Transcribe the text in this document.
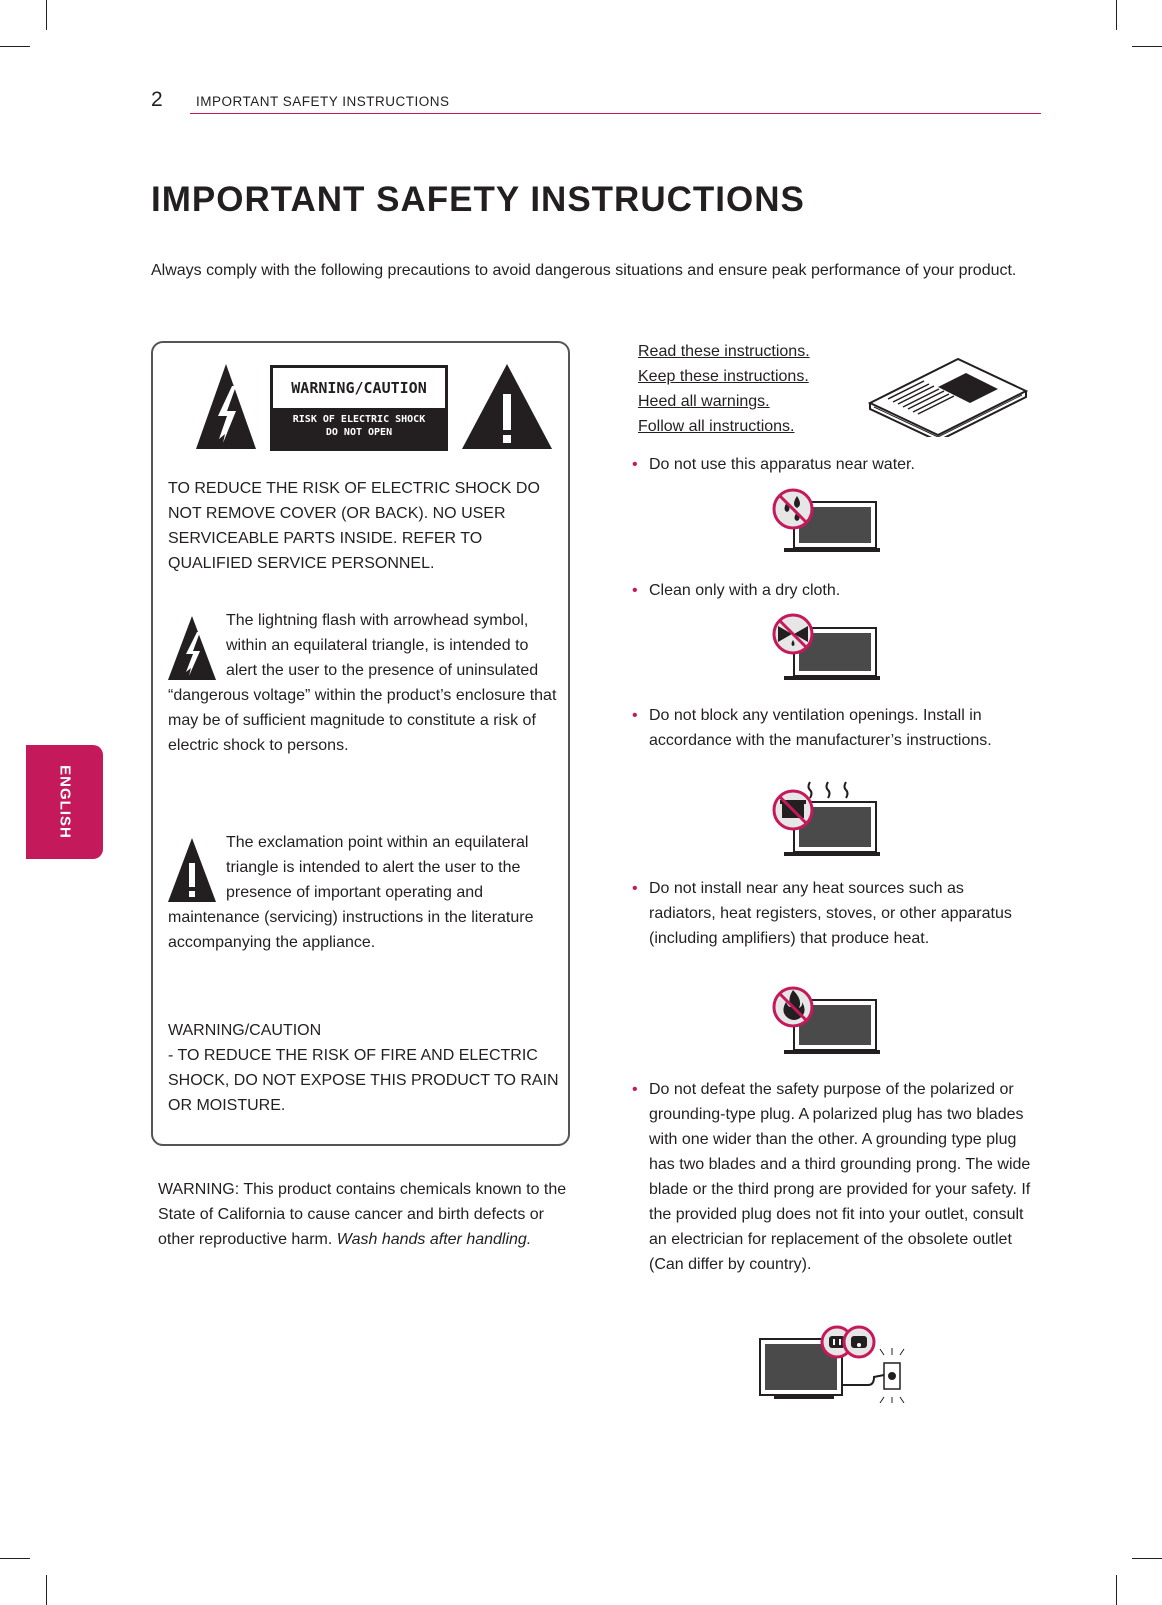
2 IMPORTANT SAFETY INSTRUCTIONS
ENGLISH
IMPORTANT SAFETY INSTRUCTIONS
Always comply with the following precautions to avoid dangerous situations and ensure peak performance of your product.
WARNING/CAUTION
RISK OF ELECTRIC SHOCK
DO NOT OPEN
TO REDUCE THE RISK OF ELECTRIC SHOCK DO NOT REMOVE COVER (OR BACK). NO USER SERVICEABLE PARTS INSIDE. REFER TO QUALIFIED SERVICE PERSONNEL.
The lightning flash with arrowhead symbol, within an equilateral triangle, is intended to alert the user to the presence of uninsulated “dangerous voltage” within the product’s enclosure that may be of sufficient magnitude to constitute a risk of electric shock to persons.
The exclamation point within an equilateral triangle is intended to alert the user to the presence of important operating and maintenance (servicing) instructions in the literature accompanying the appliance.
WARNING/CAUTION
- TO REDUCE THE RISK OF FIRE AND ELECTRIC SHOCK, DO NOT EXPOSE THIS PRODUCT TO RAIN OR MOISTURE.
WARNING: This product contains chemicals known to the State of California to cause cancer and birth defects or other reproductive harm. Wash hands after handling.
Read these instructions.
Keep these instructions.
Heed all warnings.
Follow all instructions.
• Do not use this apparatus near water.
• Clean only with a dry cloth.
• Do not block any ventilation openings. Install in accordance with the manufacturer’s instructions.
• Do not install near any heat sources such as radiators, heat registers, stoves, or other apparatus (including amplifiers) that produce heat.
• Do not defeat the safety purpose of the polarized or grounding-type plug. A polarized plug has two blades with one wider than the other. A grounding type plug has two blades and a third grounding prong. The wide blade or the third prong are provided for your safety. If the provided plug does not fit into your outlet, consult an electrician for replacement of the obsolete outlet (Can differ by country).
